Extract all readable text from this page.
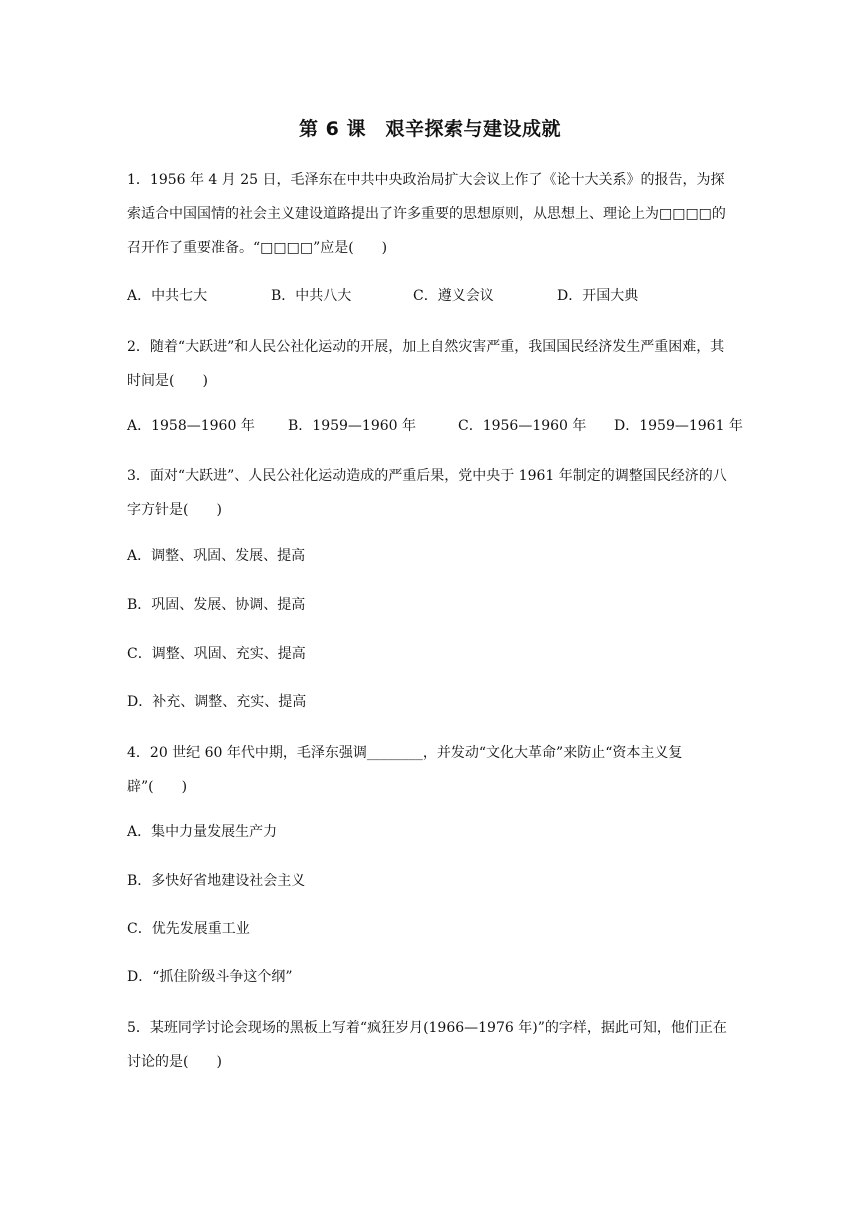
第 6 课　艰辛探索与建设成就
1．1956 年 4 月 25 日，毛泽东在中共中央政治局扩大会议上作了《论十大关系》的报告，为探索适合中国国情的社会主义建设道路提出了许多重要的思想原则，从思想上、理论上为□□□□的召开作了重要准备。“□□□□”应是(　　)
A．中共七大	B．中共八大	C．遵义会议	D．开国大典
2．随着“大跃进”和人民公社化运动的开展，加上自然灾害严重，我国国民经济发生严重困难，其时间是(　　)
A．1958—1960 年 B．1959—1960 年	C．1956—1960 年 D．1959—1961 年
3．面对“大跃进”、人民公社化运动造成的严重后果，党中央于 1961 年制定的调整国民经济的八字方针是(　　)
A．调整、巩固、发展、提高
B．巩固、发展、协调、提高
C．调整、巩固、充实、提高
D．补充、调整、充实、提高
4．20 世纪 60 年代中期，毛泽东强调________，并发动“文化大革命”来防止“资本主义复辟”(　　)
A．集中力量发展生产力
B．多快好省地建设社会主义
C．优先发展重工业
D．“抓住阶级斗争这个纲”
5．某班同学讨论会现场的黑板上写着“疯狂岁月(1966—1976 年)”的字样，据此可知，他们正在讨论的是(　　)
